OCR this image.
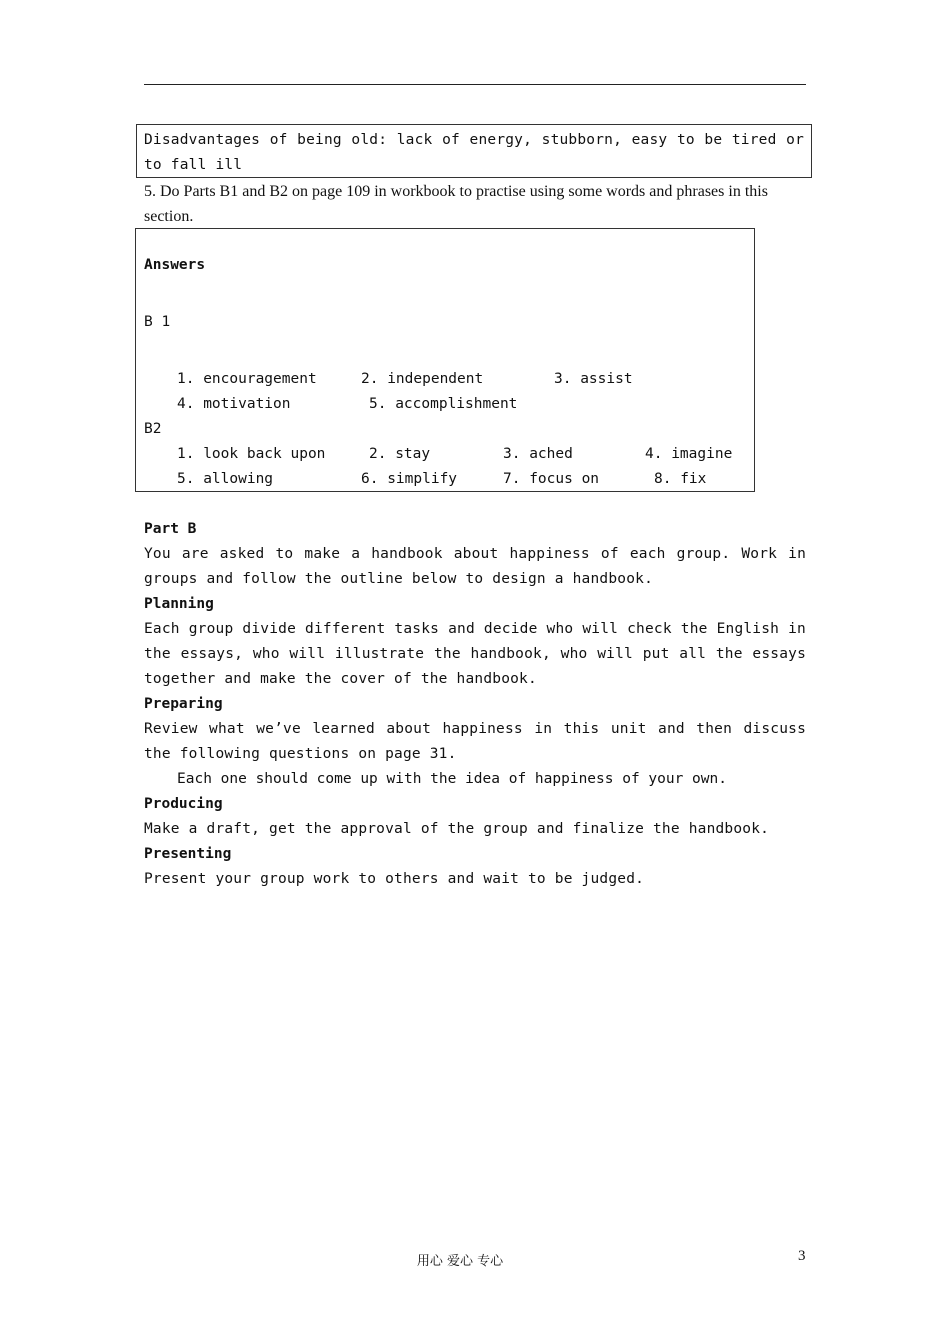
Disadvantages of being old: lack of energy, stubborn, easy to be tired or to fall ill
5. Do Parts B1 and B2 on page 109 in workbook to practise using some words and phrases in this section.
Answers
B 1
1. encouragement	2. independent	3. assist
4. motivation	5. accomplishment
B2
1. look back upon	2. stay	3. ached	4. imagine
5. allowing	6. simplify	7. focus on	8. fix
Part B
You are asked to make a handbook about happiness of each group. Work in groups and follow the outline below to design a handbook.
Planning
Each group divide different tasks and decide who will check the English in the essays, who will illustrate the handbook, who will put all the essays together and make the cover of the handbook.
Preparing
Review what we’ve learned about happiness in this unit and then discuss the following questions on page 31.
Each one should come up with the idea of happiness of your own.
Producing
Make a draft, get the approval of the group and finalize the handbook.
Presenting
Present your group work to others and wait to be judged.
用心 爱心 专心	3
